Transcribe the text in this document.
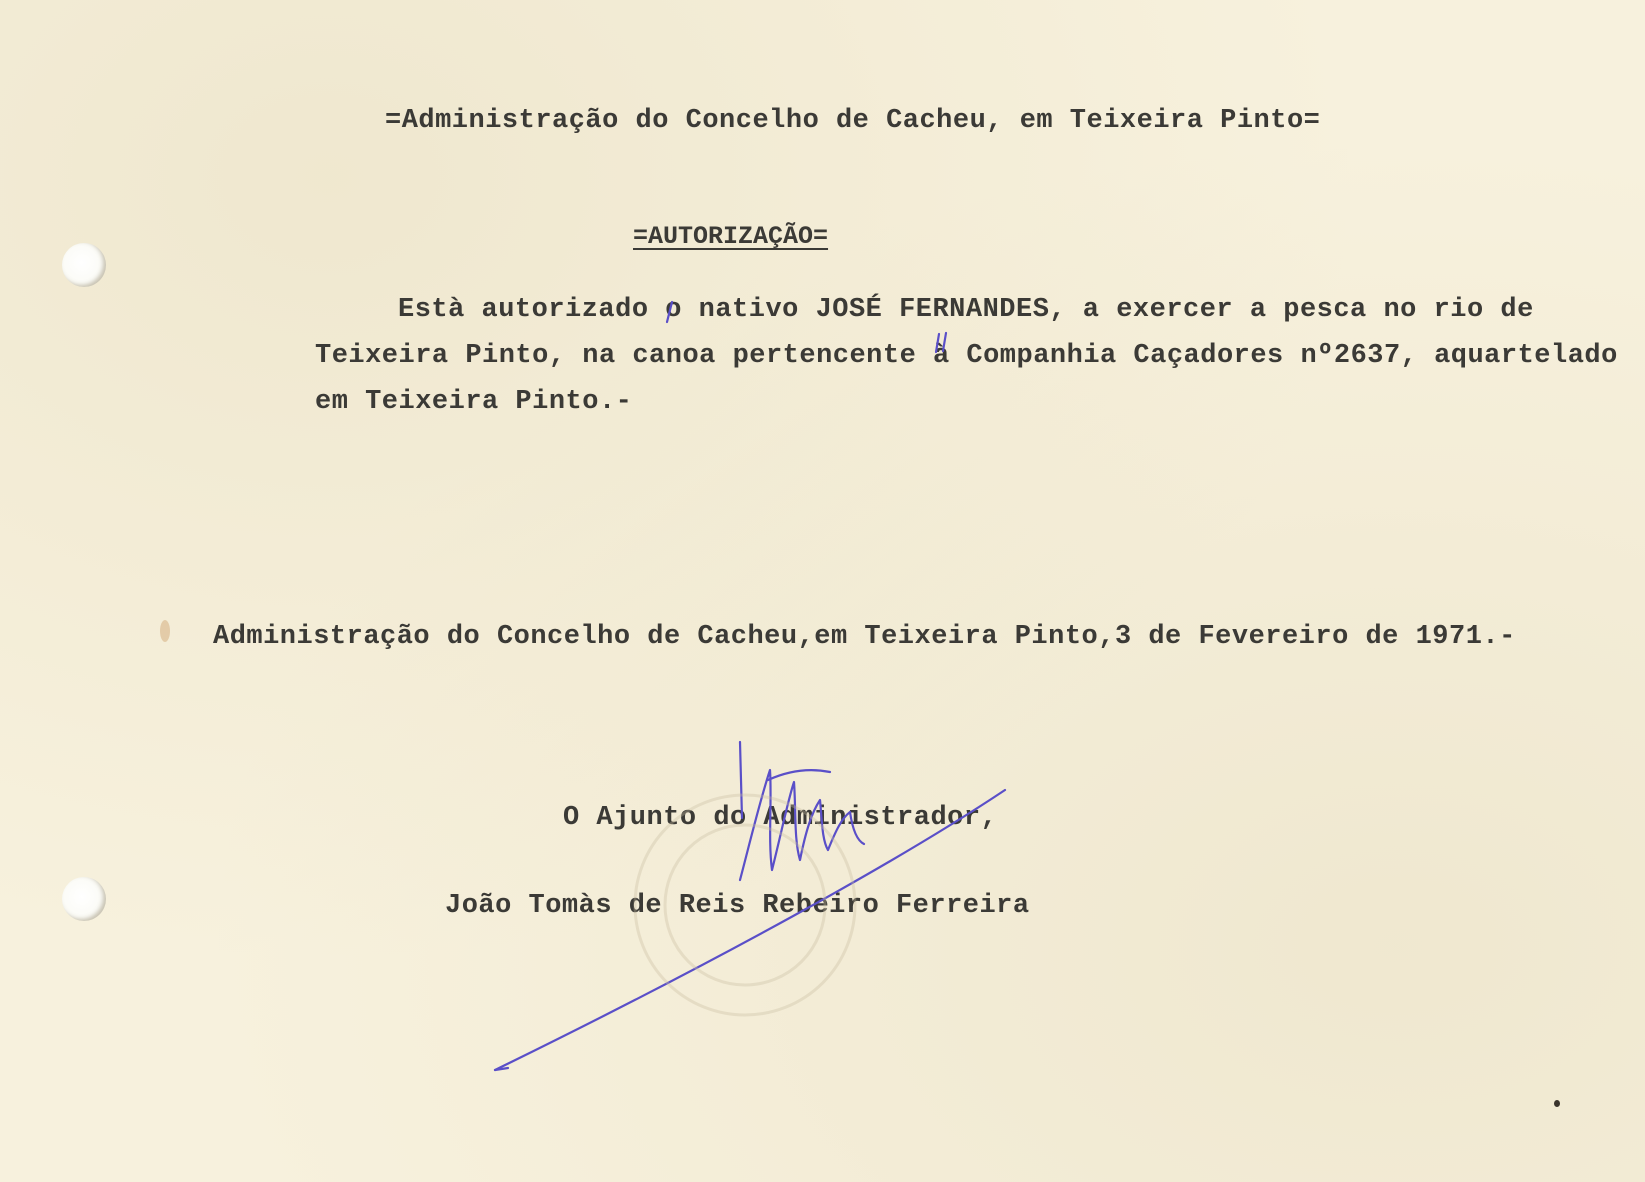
=Administração do Concelho de Cacheu, em Teixeira Pinto=
=AUTORIZAÇÃO=
Està autorizado o nativo JOSÉ FERNANDES, a exercer a pesca no rio de
Teixeira Pinto, na canoa pertencente à Companhia Caçadores nº2637, aquartelado
em Teixeira Pinto.-
Administração do Concelho de Cacheu,em Teixeira Pinto,3 de Fevereiro de 1971.-
O Ajunto do Administrador,
João Tomàs de Reis Rebeiro Ferreira
